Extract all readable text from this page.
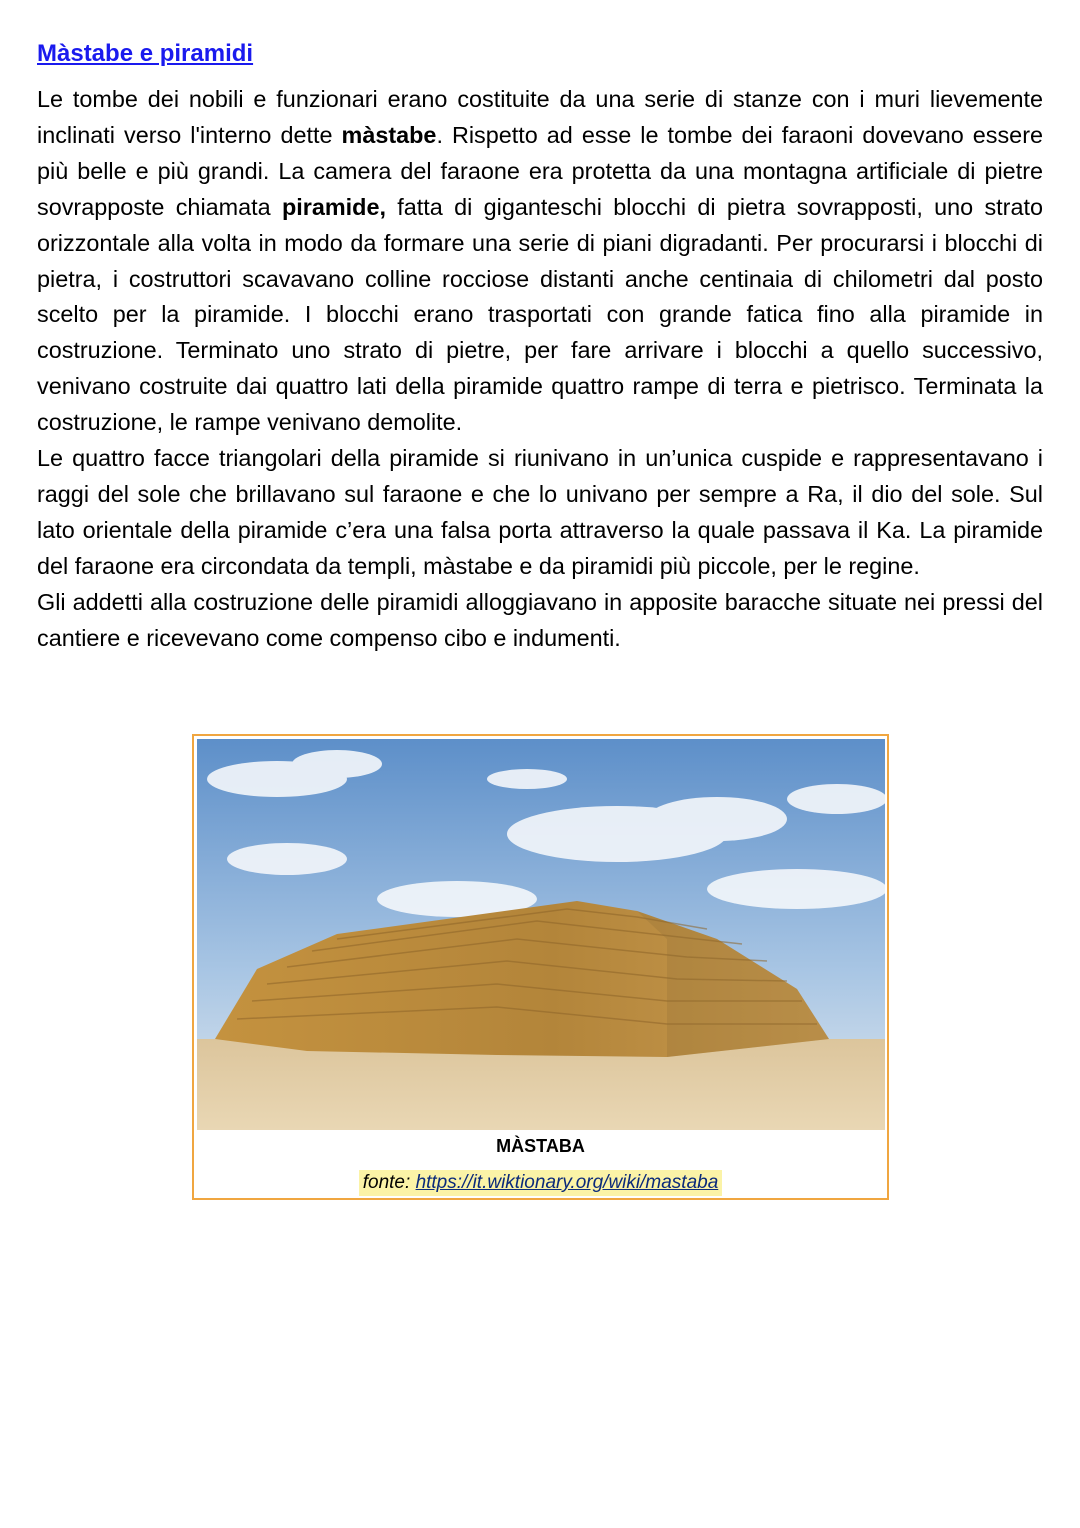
Màstabe e piramidi

Le tombe dei nobili e funzionari erano costituite da una serie di stanze con i muri lievemente inclinati verso l'interno dette màstabe. Rispetto ad esse le tombe dei faraoni dovevano essere più belle e più grandi. La camera del faraone era protetta da una montagna artificiale di pietre sovrapposte chiamata piramide, fatta di giganteschi blocchi di pietra sovrapposti, uno strato orizzontale alla volta in modo da formare una serie di piani digradanti. Per procurarsi i blocchi di pietra, i costruttori scavavano colline rocciose distanti anche centinaia di chilometri dal posto scelto per la piramide. I blocchi erano trasportati con grande fatica fino alla piramide in costruzione. Terminato uno strato di pietre, per fare arrivare i blocchi a quello successivo, venivano costruite dai quattro lati della piramide quattro rampe di terra e pietrisco. Terminata la costruzione, le rampe venivano demolite.

Le quattro facce triangolari della piramide si riunivano in un’unica cuspide e rappresentavano i raggi del sole che brillavano sul faraone e che lo univano per sempre a Ra, il dio del sole. Sul lato orientale della piramide c’era una falsa porta attraverso la quale passava il Ka. La piramide del faraone era circondata da templi, màstabe e da piramidi più piccole, per le regine.

Gli addetti alla costruzione delle piramidi alloggiavano in apposite baracche situate nei pressi del cantiere e ricevevano come compenso cibo e indumenti.

MÀSTABA
fonte: https://it.wiktionary.org/wiki/mastaba
